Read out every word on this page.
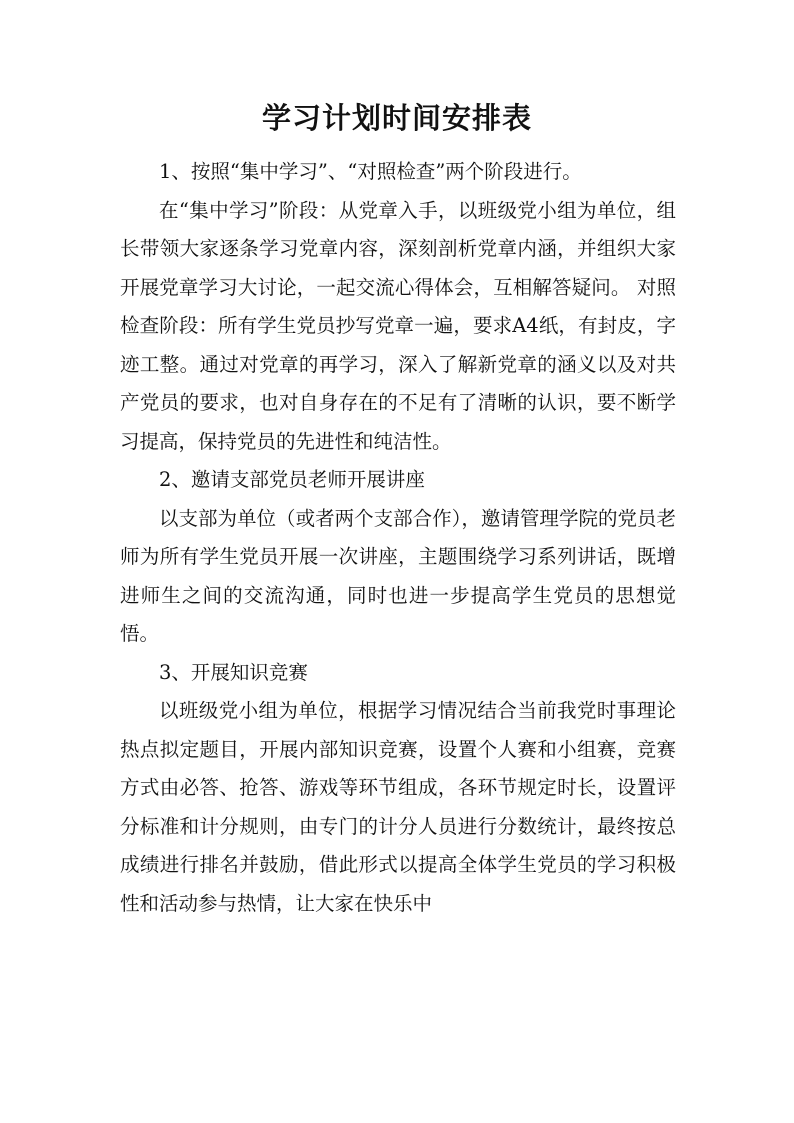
学习计划时间安排表

1、按照“集中学习”、“对照检查”两个阶段进行。

在“集中学习”阶段：从党章入手，以班级党小组为单位，组长带领大家逐条学习党章内容，深刻剖析党章内涵，并组织大家开展党章学习大讨论，一起交流心得体会，互相解答疑问。 对照检查阶段：所有学生党员抄写党章一遍，要求A4纸，有封皮，字迹工整。通过对党章的再学习，深入了解新党章的涵义以及对共产党员的要求，也对自身存在的不足有了清晰的认识，要不断学习提高，保持党员的先进性和纯洁性。

2、邀请支部党员老师开展讲座

以支部为单位（或者两个支部合作），邀请管理学院的党员老师为所有学生党员开展一次讲座，主题围绕学习系列讲话，既增进师生之间的交流沟通，同时也进一步提高学生党员的思想觉悟。

3、开展知识竞赛

以班级党小组为单位，根据学习情况结合当前我党时事理论热点拟定题目，开展内部知识竞赛，设置个人赛和小组赛，竞赛方式由必答、抢答、游戏等环节组成，各环节规定时长，设置评分标准和计分规则，由专门的计分人员进行分数统计，最终按总成绩进行排名并鼓励，借此形式以提高全体学生党员的学习积极性和活动参与热情，让大家在快乐中
